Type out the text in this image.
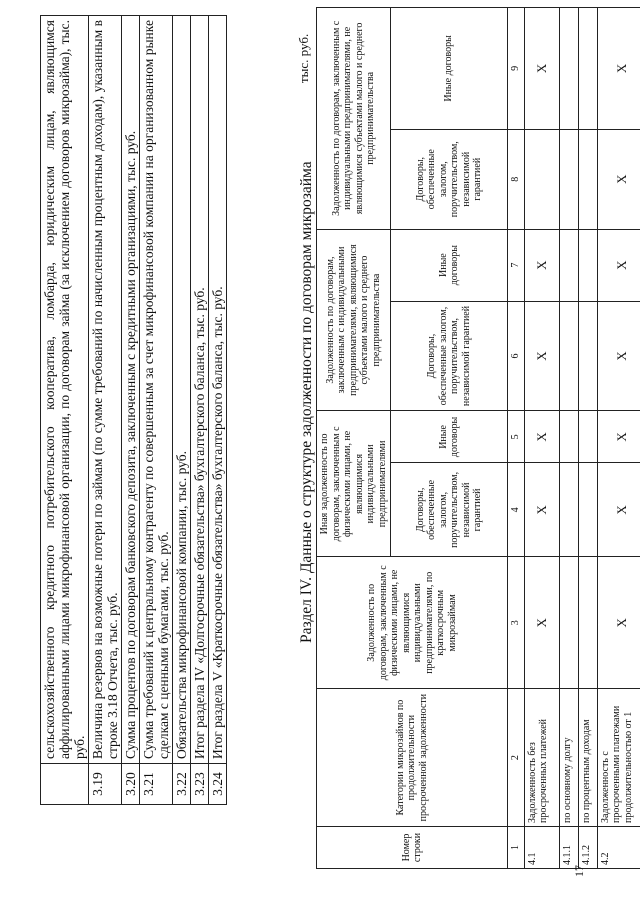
	сельскохозяйственного кредитного потребительского кооператива, ломбарда, юридическим лицам, являющимся аффилированными лицами микрофинансовой организации, по договорам займа (за исключением договоров микрозайма), тыс. руб.
3.19	Величина резервов на возможные потери по займам (по сумме требований по начисленным процентным доходам), указанным в строке 3.18 Отчета, тыс. руб.
3.20	Сумма процентов по договорам банковского депозита, заключенным с кредитными организациями, тыс. руб.
3.21	Сумма требований к центральному контрагенту по совершенным за счет микрофинансовой компании на организованном рынке сделкам с ценными бумагами, тыс. руб.
3.22	Обязательства микрофинансовой компании, тыс. руб.
3.23	Итог раздела IV «Долгосрочные обязательства» бухгалтерского баланса, тыс. руб.
3.24	Итог раздела V «Краткосрочные обязательства» бухгалтерского баланса, тыс. руб.	Раздел IV. Данные о структуре задолженности по договорам микрозайма
тыс. руб.
Номер строки	Категории микрозаймов по продолжительности просроченной задолженности	Задолженность по договорам, заключенным с физическими лицами, не являющимися индивидуальными предпринимателями, по краткосрочным микрозаймам	Иная задолженность по договорам, заключенным с физическими лицами, не являющимися индивидуальными предпринимателями		Задолженность по договорам, заключенным с индивидуальными предпринимателями, являющимися субъектами малого и среднего предпринимательства		Задолженность по договорам, заключенным с индивидуальными предпринимателями, не являющимися субъектами малого и среднего предпринимательства	
			Договоры, обеспеченные залогом, поручительством, независимой гарантией	Иные договоры	Договоры, обеспеченные залогом, поручительством, независимой гарантией	Иные договоры	Договоры, обеспеченные залогом, поручительством, независимой гарантией	Иные договоры
1	2	3	4	5	6	7	8	9
4.1	Задолженность без просроченных платежей	X	X	X	X	X		X
4.1.1	по основному долгу							
4.1.2	по процентным доходам							
4.2	Задолженность с просроченными платежами продолжительностью от 1	X	X	X	X	X	X	X
17
